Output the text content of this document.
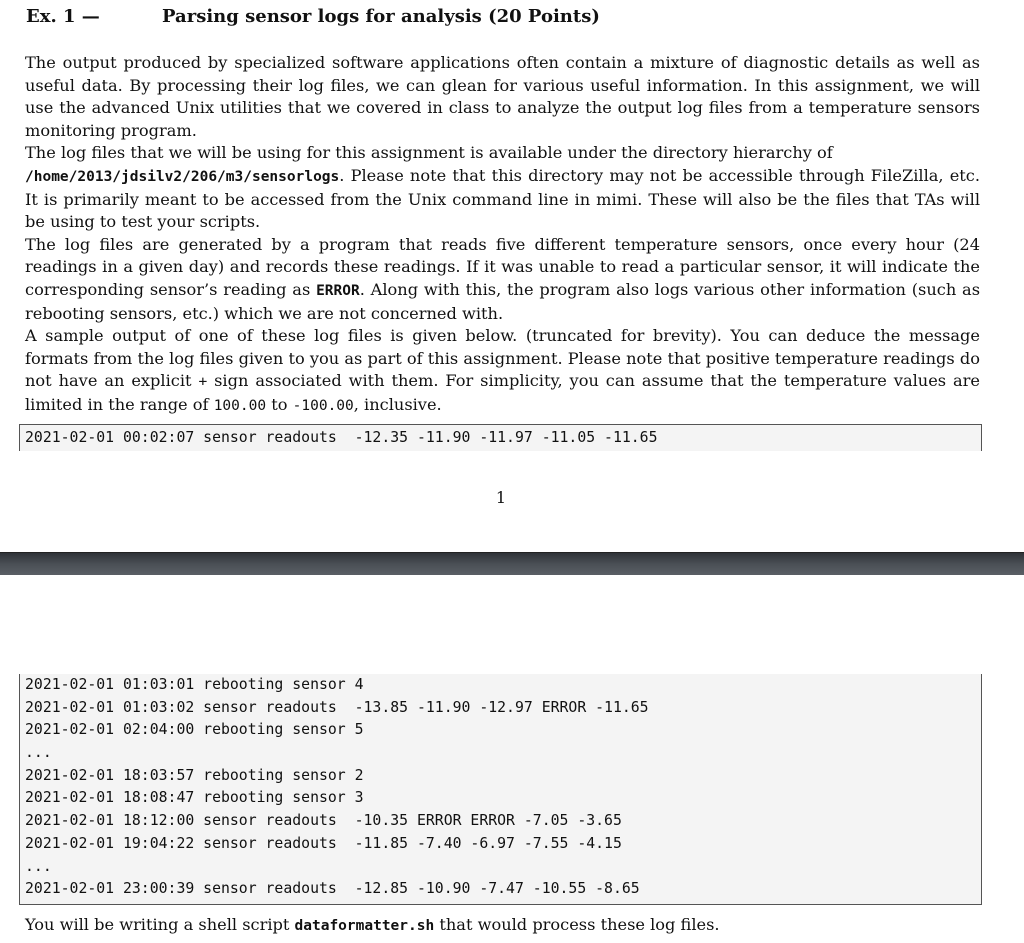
Ex. 1 —	Parsing sensor logs for analysis (20 Points)
The output produced by specialized software applications often contain a mixture of diagnostic details as well as useful data. By processing their log files, we can glean for various useful information. In this assignment, we will use the advanced Unix utilities that we covered in class to analyze the output log files from a temperature sensors monitoring program.
The log files that we will be using for this assignment is available under the directory hierarchy of
/home/2013/jdsilv2/206/m3/sensorlogs. Please note that this directory may not be accessible through FileZilla, etc. It is primarily meant to be accessed from the Unix command line in mimi. These will also be the files that TAs will be using to test your scripts.
The log files are generated by a program that reads five different temperature sensors, once every hour (24 readings in a given day) and records these readings. If it was unable to read a particular sensor, it will indicate the corresponding sensor’s reading as ERROR. Along with this, the program also logs various other information (such as rebooting sensors, etc.) which we are not concerned with.
A sample output of one of these log files is given below. (truncated for brevity). You can deduce the message formats from the log files given to you as part of this assignment. Please note that positive temperature readings do not have an explicit + sign associated with them. For simplicity, you can assume that the temperature values are limited in the range of 100.00 to -100.00, inclusive.
2021-02-01 00:02:07 sensor readouts  -12.35 -11.90 -11.97 -11.05 -11.65
1
2021-02-01 01:03:01 rebooting sensor 4
2021-02-01 01:03:02 sensor readouts  -13.85 -11.90 -12.97 ERROR -11.65
2021-02-01 02:04:00 rebooting sensor 5
...
2021-02-01 18:03:57 rebooting sensor 2
2021-02-01 18:08:47 rebooting sensor 3
2021-02-01 18:12:00 sensor readouts  -10.35 ERROR ERROR -7.05 -3.65
2021-02-01 19:04:22 sensor readouts  -11.85 -7.40 -6.97 -7.55 -4.15
...
2021-02-01 23:00:39 sensor readouts  -12.85 -10.90 -7.47 -10.55 -8.65
You will be writing a shell script dataformatter.sh that would process these log files.
